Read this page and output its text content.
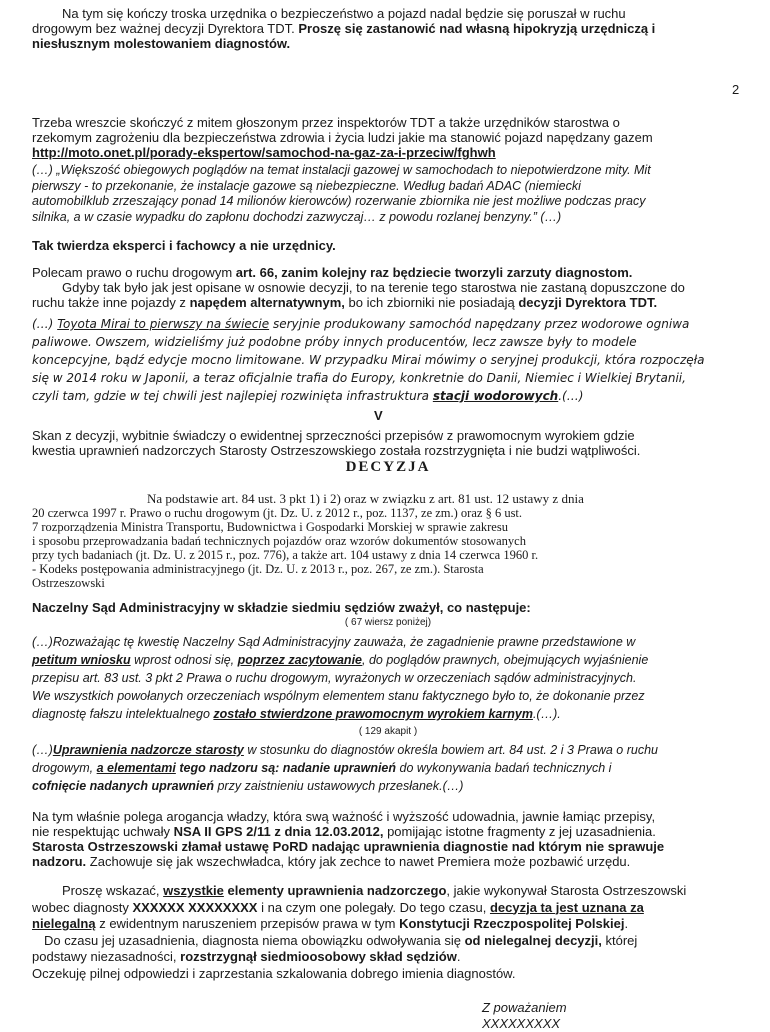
Na tym się kończy troska urzędnika o bezpieczeństwo a pojazd nadal będzie się poruszał w ruchu
drogowym bez ważnej decyzji Dyrektora TDT. Proszę się zastanowić nad własną hipokryzją urzędniczą i
niesłusznym molestowaniem diagnostów.
2
Trzeba wreszcie skończyć z mitem głoszonym przez inspektorów TDT a także urzędników starostwa o
rzekomym zagrożeniu dla bezpieczeństwa zdrowia i życia ludzi jakie ma stanowić pojazd napędzany gazem
http://moto.onet.pl/porady-ekspertow/samochod-na-gaz-za-i-przeciw/fghwh
(…) „Większość obiegowych poglądów na temat instalacji gazowej w samochodach to niepotwierdzone mity. Mit
pierwszy - to przekonanie, że instalacje gazowe są niebezpieczne. Według badań ADAC (niemiecki
automobilklub zrzeszający ponad 14 milionów kierowców) rozerwanie zbiornika nie jest możliwe podczas pracy
silnika, a w czasie wypadku do zapłonu dochodzi zazwyczaj… z powodu rozlanej benzyny.” (…)
Tak twierdza eksperci i fachowcy a nie urzędnicy.
Polecam prawo o ruchu drogowym art. 66, zanim kolejny raz będziecie tworzyli zarzuty diagnostom.
Gdyby tak było jak jest opisane w osnowie decyzji, to na terenie tego starostwa nie zastaną dopuszczone do
ruchu także inne pojazdy z napędem alternatywnym, bo ich zbiorniki nie posiadają decyzji Dyrektora TDT.
(…) Toyota Mirai to pierwszy na świecie seryjnie produkowany samochód napędzany przez wodorowe ogniwa
paliwowe. Owszem, widzieliśmy już podobne próby innych producentów, lecz zawsze były to modele
koncepcyjne, bądź edycje mocno limitowane. W przypadku Mirai mówimy o seryjnej produkcji, która rozpoczęła
się w 2014 roku w Japonii, a teraz oficjalnie trafia do Europy, konkretnie do Danii, Niemiec i Wielkiej Brytanii,
czyli tam, gdzie w tej chwili jest najlepiej rozwinięta infrastruktura stacji wodorowych.(…)
V
Skan z decyzji, wybitnie świadczy o ewidentnej sprzeczności przepisów z prawomocnym wyrokiem gdzie
kwestia uprawnień nadzorczych Starosty Ostrzeszowskiego została rozstrzygnięta i nie budzi wątpliwości.
DECYZJA
Na podstawie art. 84 ust. 3 pkt 1) i 2) oraz w związku z art. 81 ust. 12 ustawy z dnia
20 czerwca 1997 r. Prawo o ruchu drogowym (jt. Dz. U. z 2012 r., poz. 1137, ze zm.) oraz § 6 ust.
7 rozporządzenia Ministra Transportu, Budownictwa i Gospodarki Morskiej w sprawie zakresu
i sposobu przeprowadzania badań technicznych pojazdów oraz wzorów dokumentów stosowanych
przy tych badaniach (jt. Dz. U. z 2015 r., poz. 776), a także art. 104 ustawy z dnia 14 czerwca 1960 r.
- Kodeks postępowania administracyjnego (jt. Dz. U. z 2013 r., poz. 267, ze zm.). Starosta
Ostrzeszowski
Naczelny Sąd Administracyjny w składzie siedmiu sędziów zważył, co następuje:
( 67 wiersz poniżej)
(…)Rozważając tę kwestię Naczelny Sąd Administracyjny zauważa, że zagadnienie prawne przedstawione w
petitum wniosku wprost odnosi się, poprzez zacytowanie, do poglądów prawnych, obejmujących wyjaśnienie
przepisu art. 83 ust. 3 pkt 2 Prawa o ruchu drogowym, wyrażonych w orzeczeniach sądów administracyjnych.
We wszystkich powołanych orzeczeniach wspólnym elementem stanu faktycznego było to, że dokonanie przez
diagnostę fałszu intelektualnego zostało stwierdzone prawomocnym wyrokiem karnym.(…).
( 129 akapit )
(…)Uprawnienia nadzorcze starosty w stosunku do diagnostów określa bowiem art. 84 ust. 2 i 3 Prawa o ruchu
drogowym, a elementami tego nadzoru są: nadanie uprawnień do wykonywania badań technicznych i
cofnięcie nadanych uprawnień przy zaistnieniu ustawowych przesłanek.(…)
Na tym właśnie polega arogancja władzy, która swą ważność i wyższość udowadnia, jawnie łamiąc przepisy,
nie respektując uchwały NSA II GPS 2/11 z dnia 12.03.2012, pomijając istotne fragmenty z jej uzasadnienia.
Starosta Ostrzeszowski złamał ustawę PoRD nadając uprawnienia diagnostie nad którym nie sprawuje
nadzoru. Zachowuje się jak wszechwładca, który jak zechce to nawet Premiera może pozbawić urzędu.
Proszę wskazać, wszystkie elementy uprawnienia nadzorczego, jakie wykonywał Starosta Ostrzeszowski
wobec diagnosty XXXXXX XXXXXXXX i na czym one polegały. Do tego czasu, decyzja ta jest uznana za
nielegalną z ewidentnym naruszeniem przepisów prawa w tym Konstytucji Rzeczpospolitej Polskiej.
Do czasu jej uzasadnienia, diagnosta niema obowiązku odwoływania się od nielegalnej decyzji, której
podstawy niezasadności, rozstrzygnął siedmioosobowy skład sędziów.
Oczekuję pilnej odpowiedzi i zaprzestania szkalowania dobrego imienia diagnostów.
Z poważaniem
XXXXXXXXX
